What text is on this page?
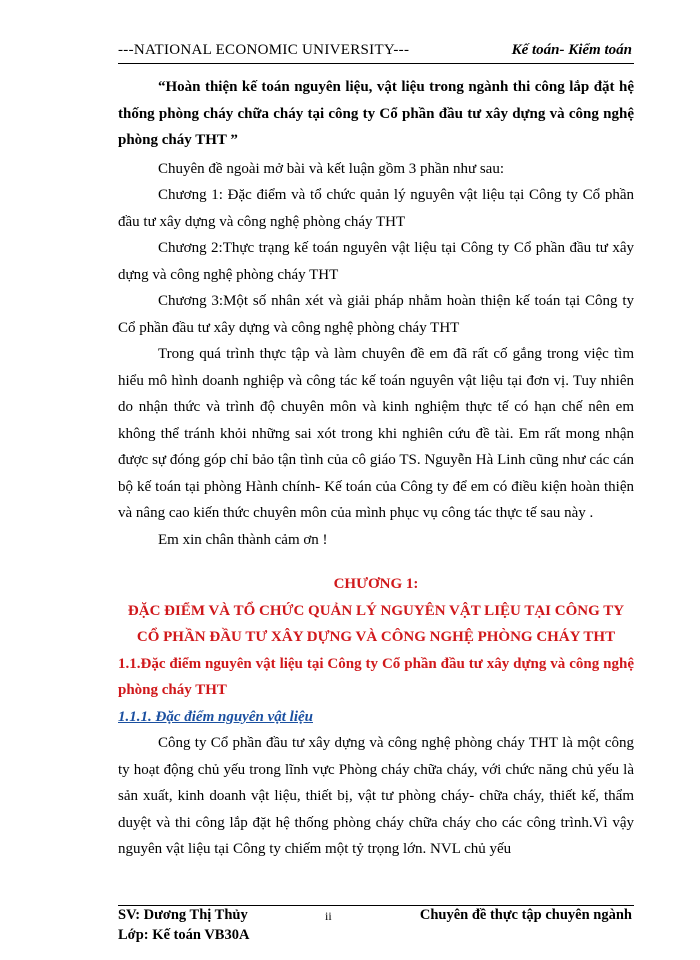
---NATIONAL ECONOMIC UNIVERSITY---	Kế toán- Kiểm toán

“Hoàn thiện kế toán nguyên liệu, vật liệu trong ngành thi công lắp đặt hệ thống phòng cháy chữa cháy tại công ty Cổ phần đầu tư xây dựng và công nghệ phòng cháy THT ”

Chuyên đề ngoài mở bài và kết luận gồm 3 phần như sau:

Chương 1: Đặc điểm và tổ chức quản lý nguyên vật liệu tại Công ty Cổ phần đầu tư xây dựng và công nghệ phòng cháy THT

Chương 2:Thực trạng kế toán nguyên vật liệu tại Công ty Cổ phần đầu tư xây dựng và công nghệ phòng cháy THT

Chương 3:Một số nhân xét và giải pháp nhằm hoàn thiện kế toán tại Công ty Cổ phần đầu tư xây dựng và công nghệ phòng cháy THT

Trong quá trình thực tập và làm chuyên đề em đã rất cố gắng trong việc tìm hiểu mô hình doanh nghiệp và công tác kế toán nguyên vật liệu tại đơn vị. Tuy nhiên do nhận thức và trình độ chuyên môn và kinh nghiệm thực tế có hạn chế nên em không thể tránh khỏi những sai xót trong khi nghiên cứu đề tài. Em rất mong nhận được sự đóng góp chỉ bảo tận tình của cô giáo TS. Nguyễn Hà Linh cũng như các cán bộ kế toán tại phòng Hành chính- Kế toán của Công ty để em có điều kiện hoàn thiện và nâng cao kiến thức chuyên môn của mình phục vụ công tác thực tế sau này .

Em xin chân thành cảm ơn !

CHƯƠNG 1:

ĐẶC ĐIỂM VÀ TỔ CHỨC QUẢN LÝ NGUYÊN VẬT LIỆU TẠI CÔNG TY CỔ PHẦN ĐẦU TƯ XÂY DỰNG VÀ CÔNG NGHỆ PHÒNG CHÁY THT

1.1.Đặc điểm nguyên vật liệu tại Công ty Cổ phần đầu tư xây dựng và công nghệ phòng cháy THT

1.1.1. Đặc điểm nguyên vật liệu

Công ty Cổ phần đầu tư xây dựng và công nghệ phòng cháy THT là một công ty hoạt động chủ yếu trong lĩnh vực Phòng cháy chữa cháy, với chức năng chủ yếu là sản xuất, kinh doanh vật liệu, thiết bị, vật tư phòng cháy- chữa cháy, thiết kế, thẩm duyệt và thi công lắp đặt hệ thống phòng cháy chữa cháy cho các công trình.Vì vậy nguyên vật liệu tại Công ty chiếm một tỷ trọng lớn. NVL chủ yếu

SV: Dương Thị Thủy
Lớp: Kế toán VB30A
ii	Chuyên đề thực tập chuyên ngành
